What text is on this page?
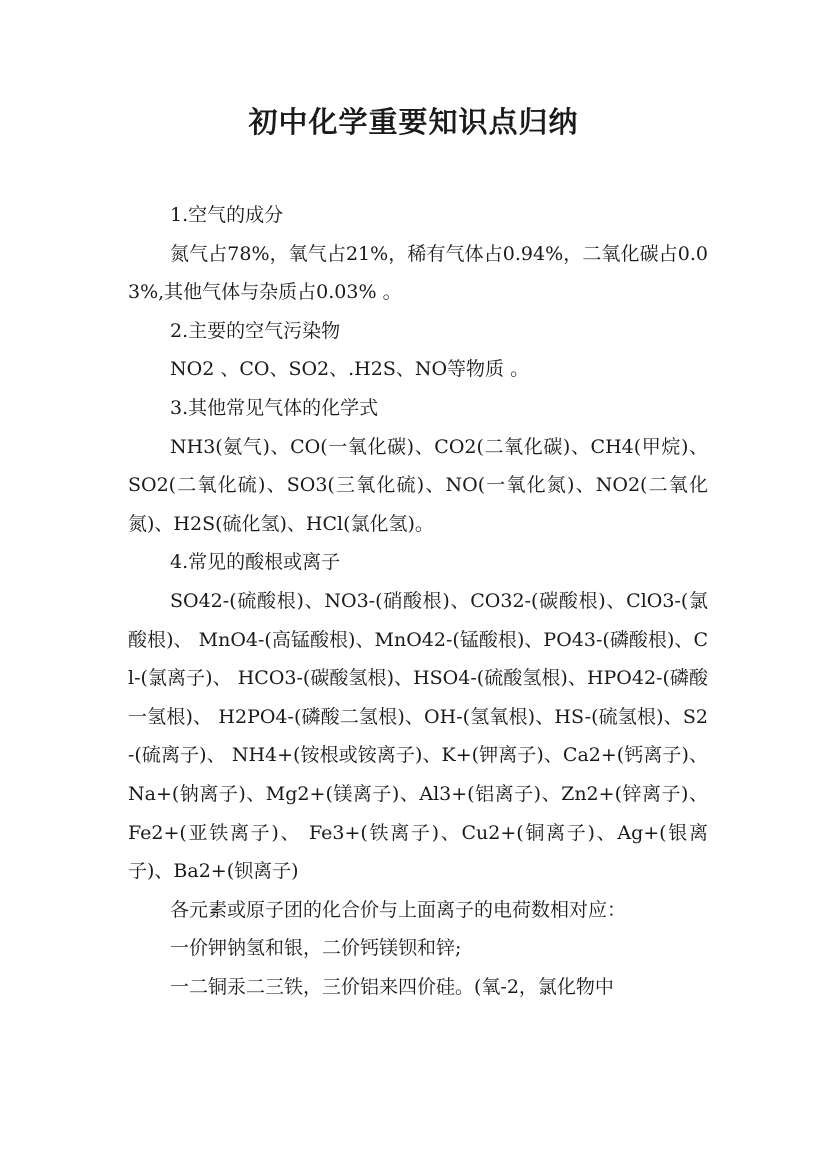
初中化学重要知识点归纳

1.空气的成分

氮气占78%，氧气占21%，稀有气体占0.94%，二氧化碳占0.03%,其他气体与杂质占0.03% 。

2.主要的空气污染物

NO2 、CO、SO2、.H2S、NO等物质 。

3.其他常见气体的化学式

NH3(氨气)、CO(一氧化碳)、CO2(二氧化碳)、CH4(甲烷)、 SO2(二氧化硫)、SO3(三氧化硫)、NO(一氧化氮)、NO2(二氧化氮)、H2S(硫化氢)、HCl(氯化氢)。

4.常见的酸根或离子

SO42-(硫酸根)、NO3-(硝酸根)、CO32-(碳酸根)、ClO3-(氯酸根)、 MnO4-(高锰酸根)、MnO42-(锰酸根)、PO43-(磷酸根)、Cl-(氯离子)、 HCO3-(碳酸氢根)、HSO4-(硫酸氢根)、HPO42-(磷酸一氢根)、 H2PO4-(磷酸二氢根)、OH-(氢氧根)、HS-(硫氢根)、S2-(硫离子)、 NH4+(铵根或铵离子)、K+(钾离子)、Ca2+(钙离子)、Na+(钠离子)、Mg2+(镁离子)、Al3+(铝离子)、Zn2+(锌离子)、Fe2+(亚铁离子)、 Fe3+(铁离子)、Cu2+(铜离子)、Ag+(银离子)、Ba2+(钡离子)

各元素或原子团的化合价与上面离子的电荷数相对应：

一价钾钠氢和银，二价钙镁钡和锌;

一二铜汞二三铁，三价铝来四价硅。(氧-2，氯化物中
